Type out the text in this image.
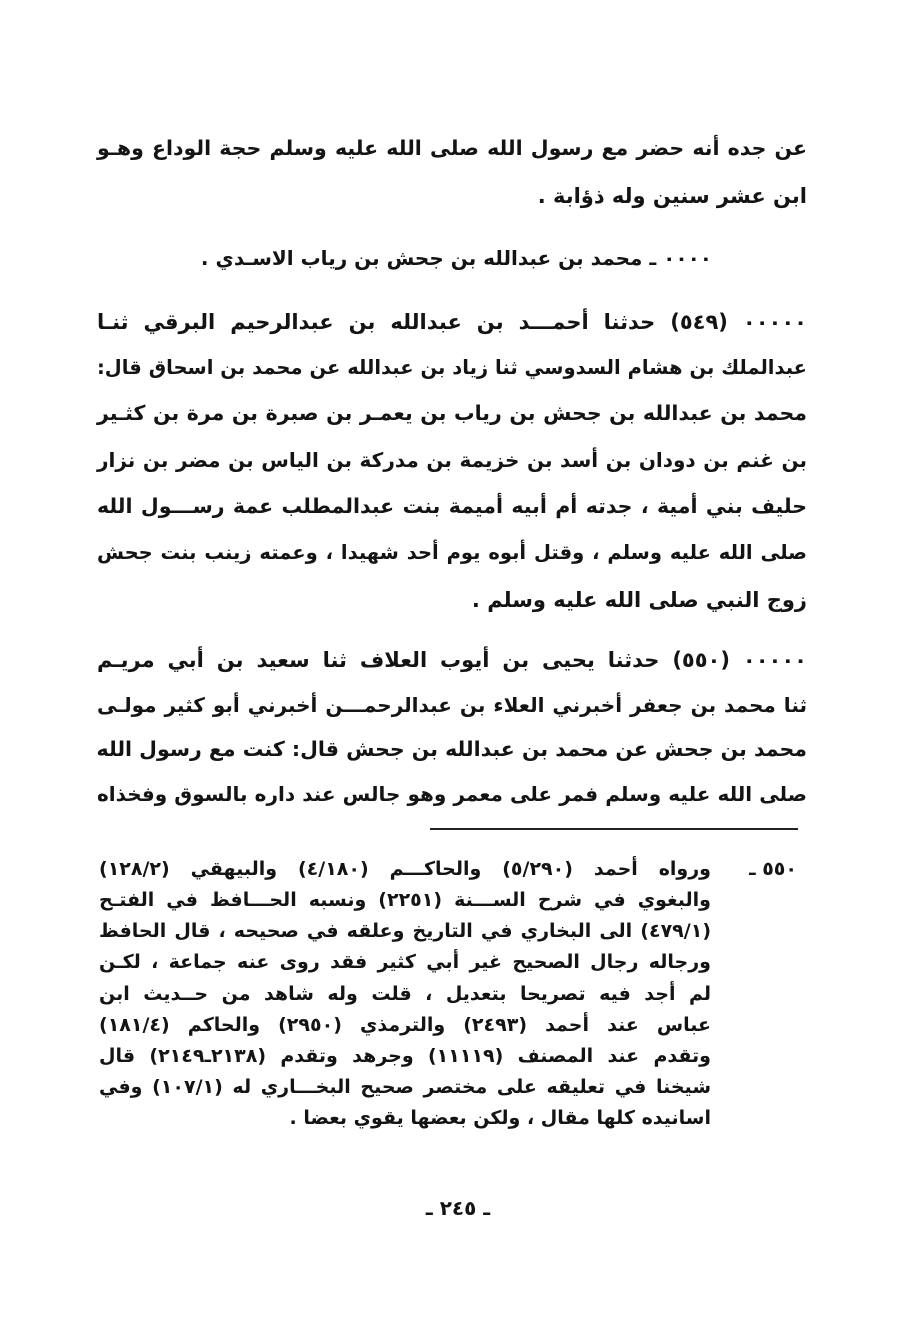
عن جده أنه حضر مع رسول الله صلى الله عليه وسلم حجة الوداع وهـو
ابن عشر سنين وله ذؤابة .
٠٠٠٠ ـ محمد بن عبدالله بن جحش بن رياب الاسـدي .
٠٠٠٠٠ (٥٤٩) حدثنا أحمـــد بن عبدالله بن عبدالرحيم البرقي ثنـا
عبدالملك بن هشام السدوسي ثنا زياد بن عبدالله عن محمد بن اسحاق قال:
محمد بن عبدالله بن جحش بن رياب بن يعمـر بن صبرة بن مرة بن كثـير
بن غنم بن دودان بن أسد بن خزيمة بن مدركة بن الياس بن مضر بن نزار
حليف بني أمية ، جدته أم أبيه أميمة بنت عبدالمطلب عمة رســـول الله
صلى الله عليه وسلم ، وقتل أبوه يوم أحد شهيدا ، وعمته زينب بنت جحش
زوج النبي صلى الله عليه وسلم .
٠٠٠٠٠ (٥٥٠) حدثنا يحيى بن أيوب العلاف ثنا سعيد بن أبي مريـم
ثنا محمد بن جعفر أخبرني العلاء بن عبدالرحمـــن أخبرني أبو كثير مولـى
محمد بن جحش عن محمد بن عبدالله بن جحش قال: كنت مع رسول الله
صلى الله عليه وسلم فمر على معمر وهو جالس عند داره بالسوق وفخذاه
٥٥٠ ـ
ورواه أحمد (٥/٢٩٠) والحاكـــم (٤/١٨٠) والبيهقي (١٢٨/٢)
والبغوي في شرح الســـنة (٢٢٥١) ونسبه الحـــافظ في الفتـح
(٤٧٩/١) الى البخاري في التاريخ وعلقه في صحيحه ، قال الحافظ
ورجاله رجال الصحيح غير أبي كثير فقد روى عنه جماعة ، لكـن
لم أجد فيه تصريحا بتعديل ، قلت وله شاهد من حــديث ابن
عباس عند أحمد (٢٤٩٣) والترمذي (٢٩٥٠) والحاكم (١٨١/٤)
وتقدم عند المصنف (١١١١٩) وجرهد وتقدم (٢١٣٨ـ٢١٤٩) قال
شيخنا في تعليقه على مختصر صحيح البخـــاري له (١٠٧/١) وفي
اسانيده كلها مقال ، ولكن بعضها يقوي بعضا .
ـ ٢٤٥ ـ
